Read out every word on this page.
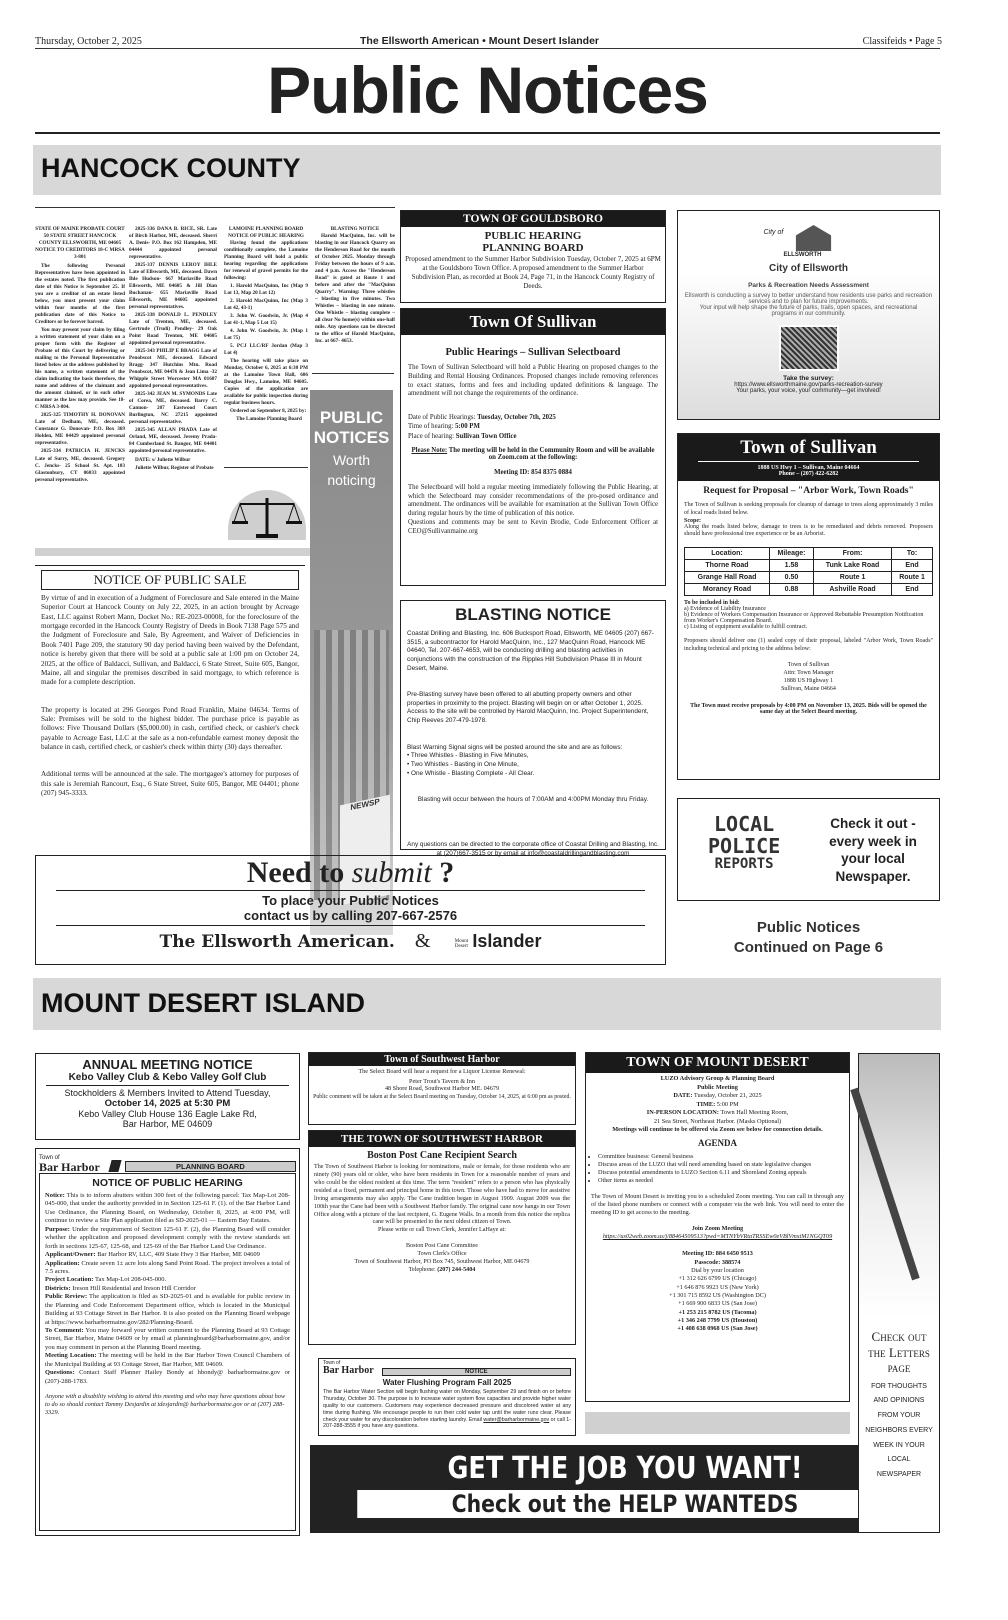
Thursday, October 2, 2025	The Ellsworth American • Mount Desert Islander	Classifeids • Page 5
Public Notices
HANCOCK COUNTY
STATE OF MAINE PROBATE COURT 50 STATE STREET HANCOCK COUNTY ELLSWORTH, ME 04605 NOTICE TO CREDITORS 18-C MRSA 3-801

The following Personal Representatives have been appointed in the estates noted. The first publication date of this Notice is September 25. If you are a creditor of an estate listed below, you must present your claim within four months of the first publication date of this Notice to Creditors or be forever barred.

You may present your claim by filing a written statement of your claim on a proper form with the Register of Probate of this Court by delivering or mailing to the Personal Representative listed below at the address published by his name, a written statement of the claim indicating the basis therefore, the name and address of the claimant and the amount claimed, or in such other manner as the law may provide. See 18-C MRSA 3-804.

2025-325 TIMOTHY H. DONOVAN Late of Dedham, ME, deceased. Constance G. Donovan- P.O. Box 369 Holden, ME 04429 appointed personal representative.

2025-334 PATRICIA H. JENCKS Late of Surry, ME, deceased. Gregory C. Jencks- 25 School St. Apt. 103 Glastonbury, CT 06033 appointed personal representative.

2025-336 DANA B. RICE, SR. Late of Birch Harbor, ME, deceased. Sherri A. Denis- P.O. Box 162 Hampden, ME 04444 appointed personal representative.

2025-337 DENNIS LEROY IHLE Late of Ellsworth, ME, deceased. Dawn Ihle Hudson- 667 Mariaville Road Ellsworth, ME 04605 & Jill Dian Buchanan- 655 Mariaville Road Ellsworth, ME 04605 appointed personal representatives.

2025-338 DONALD L. PENDLEY Late of Trenton, ME, deceased. Gertrude (Trudi) Pendley- 29 Oak Point Road Trenton, ME 04605 appointed personal representative.

2025-343 PHILIP E BRAGG Late of Penobscot ME, deceased. Edward Bragg- 347 Hutchins Mtn. Road Penobscot, ME 04476 & Jean Lima -32 Whipple Street Worcester MA 01607 appointed personal representatives.

2025-342 JEAN M. SYMONDS Late of Corea, ME, deceased. Barry C. Cannon- 207 Eastwood Court Burlington, NC 27215 appointed personal representative.

2025-345 ALLAN PRADA Late of Orland, ME, deceased. Jeremy Prada- 84 Cumberland St. Bangor, ME 04401 appointed personal representative.

DATE: s/ Juliette Wilbur

Juliette Wilbur, Register of Probate

LAMOINE PLANNING BOARD NOTICE OF PUBLIC HEARING

Having found the applications conditionally complete, the Lamoine Planning Board will hold a public hearing regarding the applications for renewal of gravel permits for the following:

1. Harold MacQuinn, Inc (Map 9 Lot 13, Map 20 Lot 12)

2. Harold MacQuinn, Inc (Map 3 Lot 42, 43-1)

3. John W. Goodwin, Jr. (Map 4 Lot 41-1, Map 5 Lot 15)

4. John W. Goodwin, Jr. (Map 1 Lot 75)

5. PCJ LLC/RF Jordan (Map 3 Lot 4)

The hearing will take place on Monday, October 6, 2025 at 6:30 PM at the Lamoine Town Hall, 606 Douglas Hwy., Lamoine, ME 04605. Copies of the application are available for public inspection during regular business hours.

Ordered on September 8, 2025 by:

The Lamoine Planning Board

BLASTING NOTICE

Harold MacQuinn, Inc. will be blasting in our Hancock Quarry on the Henderson Road for the month of October 2025. Monday through Friday between the hours of 9 a.m. and 4 p.m. Access the "Henderson Road" is gated at Route 1 and before and after the "MacQuinn Quarry". Warning: Three whistles – blasting in five minutes. Two Whistles – blasting in one minute. One Whistle – blasting complete – all clear No home(s) within one-half mile. Any questions can be directed to the office of Harold MacQuinn, Inc. at 667- 4653.

PUBLIC
NOTICES
Worth
noticing
NEWSP
NOTICE OF PUBLIC SALE

By virtue of and in execution of a Judgment of Foreclosure and Sale entered in the Maine Superior Court at Hancock County on July 22, 2025, in an action brought by Acreage East, LLC against Robert Mann, Docket No.: RE-2023-00008, for the foreclosure of the mortgage recorded in the Hancock County Registry of Deeds in Book 7138 Page 575 and the Judgment of Foreclosure and Sale, By Agreement, and Waiver of Deficiencies in Book 7401 Page 209, the statutory 90 day period having been waived by the Defendant, notice is hereby given that there will be sold at a public sale at 1:00 pm on October 24, 2025, at the office of Baldacci, Sullivan, and Baldacci, 6 State Street, Suite 605, Bangor, Maine, all and singular the premises described in said mortgage, to which reference is made for a complete description.

The property is located at 296 Georges Pond Road Franklin, Maine 04634. Terms of Sale: Premises will be sold to the highest bidder. The purchase price is payable as follows: Five Thousand Dollars ($5,000.00) in cash, certified check, or cashier's check payable to Acreage East, LLC at the sale as a non-refundable earnest money deposit the balance in cash, certified check, or cashier's check within thirty (30) days thereafter.

Additional terms will be announced at the sale. The mortgagee's attorney for purposes of this sale is Jeremiah Rancourt, Esq., 6 State Street, Suite 605, Bangor, ME 04401; phone (207) 945-3333.

TOWN OF GOULDSBORO
PUBLIC HEARING
PLANNING BOARD

Proposed amendment to the Summer Harbor Subdivision Tuesday, October 7, 2025 at 6PM at the Gouldsboro Town Office. A proposed amendment to the Summer Harbor Subdivision Plan, as recorded at Book 24, Page 71, in the Hancock County Registry of Deeds.

Town Of Sullivan
Public Hearings – Sullivan Selectboard

The Town of Sullivan Selectboard will hold a Public Hearing on proposed changes to the Building and Rental Housing Ordinances. Proposed changes include removing references to exact statues, forms and fees and including updated definitions & language. The amendment will not change the requirements of the ordinance.

Date of Public Hearings: Tuesday, October 7th, 2025
Time of hearing: 5:00 PM
Place of hearing: Sullivan Town Office
Please Note: The meeting will be held in the Community Room and will be available on Zoom.com at the following:
Meeting ID: 854 8375 0884

The Selectboard will hold a regular meeting immediately following the Public Hearing, at which the Selectboard may consider recommendations of the pro-posed ordinance and amendment. The ordinances will be available for examination at the Sullivan Town Office during regular hours by the time of publication of this notice.

Questions and comments may be sent to Kevin Brodie, Code Enforcement Officer at CEO@Sullivanmaine.org

BLASTING NOTICE

Coastal Drilling and Blasting, Inc. 606 Bucksport Road, Ellsworth, ME 04605 (207) 667-3515, a subcontractor for Harold MacQuinn, Inc., 127 MacQuinn Road, Hancock ME 04640, Tel. 207-667-4653, will be conducting drilling and blasting activities in conjunctions with the construction of the Ripples Hill Subdivision Phase III in Mount Desert, Maine.

Pre-Blasting survey have been offered to all abutting property owners and other properties in proximity to the project. Blasting will begin on or after October 1, 2025. Access to the site will be controlled by Harold MacQuinn, Inc. Project Superintendent, Chip Reeves 207-479-1978.

Blast Warning Signal signs will be posted around the site and are as follows:

• Three Whistles - Blasting in Five Minutes,
• Two Whistles - Basting in One Minute,
• One Whistle - Blasting Complete - All Clear.

Blasting will occur between the hours of 7:00AM and 4:00PM Monday thru Friday.

Any questions can be directed to the corporate office of Coastal Drilling and Blasting, Inc. at (207)667-3515 or by email at info@coastaldrillingandblasting.com

City of
ELLSWORTH
City of Ellsworth
Parks & Recreation Needs Assessment

Ellsworth is conducting a survey to better understand how residents use parks and recreation services and to plan for future improvements.

Your input will help shape the future of parks, trails, open spaces, and recreational programs in our community.

Take the survey:
https://www.ellsworthmaine.gov/parks-recreation-survey
Your parks, your voice, your community—get involved!
Town of Sullivan
1888 US Hwy 1 – Sullivan, Maine 04664
Phone – (207) 422-6282
Request for Proposal – "Arbor Work, Town Roads"

The Town of Sullivan is seeking proposals for cleanup of damage to trees along approximately 3 miles of local roads listed below.

Scope:

Along the roads listed below, damage to trees is to be remediated and debris removed. Proposers should have professional tree experience or be an Arborist.

Location:	Mileage:	From:	To:
Thorne Road	1.58	Tunk Lake Road	End
Grange Hall Road	0.50	Route 1	Route 1
Morancy Road	0.88	Ashville Road	End
To be included in bid:
a) Evidence of Liability Insurance
b) Evidence of Workers Compensation Insurance or Approved Rebuttable Presumption Notification from Worker's Compensation Board.
c) Listing of equipment available to fulfill contract.

Proposers should deliver one (1) sealed copy of their proposal, labeled "Arbor Work, Town Roads" including technical and pricing to the address below:

Town of Sullivan
Attn: Town Manager
1888 US Highway 1
Sullivan, Maine 04664

The Town must receive proposals by 4:00 PM on November 13, 2025. Bids will be opened the same day at the Select Board meeting.

LOCAL
POLICE
REPORTS
Check it out - every week in your local Newspaper.
Public Notices
Continued on Page 6
Need to submit ?
To place your Public Notices
contact us by calling 207-667-2576
The Ellsworth American. &	Mount Desert Islander
MOUNT DESERT ISLAND
ANNUAL MEETING NOTICE
Kebo Valley Club & Kebo Valley Golf Club
Stockholders & Members Invited to Attend Tuesday,
October 14, 2025 at 5:30 PM
Kebo Valley Club House 136 Eagle Lake Rd,
Bar Harbor, ME 04609
Town of
Bar Harbor	PLANNING BOARD
NOTICE OF PUBLIC HEARING

Notice: This is to inform abutters within 300 feet of the following parcel: Tax Map-Lot 208-045-000, that under the authority provided in in Section 125-61 F. (1). of the Bar Harbor Land Use Ordinance, the Planning Board, on Wednesday, October 8, 2025, at 4:00 PM, will continue to review a Site Plan application filed as SD-2025-01 — Eastern Bay Estates.

Purpose: Under the requirement of Section 125-61 F. (2), the Planning Board will consider whether the application and proposed development comply with the review standards set forth in sections 125-67, 125-68, and 125-69 of the Bar Harbor Land Use Ordinance.

Applicant/Owner: Bar Harbor RV, LLC, 409 State Hwy 3 Bar Harbor, ME 04609

Application: Create seven 1± acre lots along Sand Point Road. The project involves a total of 7.5 acres.

Project Location: Tax Map-Lot 208-045-000.

Districts: Ireson Hill Residential and Ireson Hill Corridor

Public Review: The application is filed as SD-2025-01 and is available for public review in the Planning and Code Enforcement Department office, which is located in the Municipal Building at 93 Cottage Street in Bar Harbor. It is also posted on the Planning Board webpage at https://www.barharbormaine.gov/282/Planning-Board.

To Comment: You may forward your written comment to the Planning Board at 93 Cottage Street, Bar Harbor, Maine 04609 or by email at planningboard@barharbormaine.gov, and/or you may comment in person at the Planning Board meeting.

Meeting Location: The meeting will be held in the Bar Harbor Town Council Chambers of the Municipal Building at 93 Cottage Street, Bar Harbor, ME 04609.

Questions: Contact Staff Planner Hailey Bondy at hbondy@ barharbormaine.gov or (207)-288-1783.

Anyone with a disability wishing to attend this meeting and who may have questions about how to do so should contact Tammy Desjardin at tdesjardin@ barharbormaine.gov or at (207) 288-3329.

Town of Southwest Harbor
The Select Board will hear a request for a Liquor License Renewal:
Peter Trout's Tavern & Inn
48 Shore Road, Southwest Harbor ME. 04679
Public comment will be taken at the Select Board meeting on Tuesday, October 14, 2025, at 6:00 pm as posted.
THE TOWN OF SOUTHWEST HARBOR
Boston Post Cane Recipient Search

The Town of Southwest Harbor is looking for nominations, male or female, for those residents who are ninety (90) years old or older, who have been residents in Town for a reasonable number of years and who could be the oldest resident at this time. The term "resident" refers to a person who has physically resided at a fixed, permanent and principal home in this town. Those who have had to move for assistive living arrangements may also apply. The Cane tradition began in August 1909. August 2009 was the 100th year the Cane had been with a Southwest Harbor family. The original cane now hangs in our Town Office along with a picture of the last recipient, G. Eugene Walls. In a month from this notice the replica cane will be presented to the next oldest citizen of Town.

Please write or call Town Clerk, Jennifer LaHaye at:

Boston Post Cane Committee
Town Clerk's Office
Town of Southwest Harbor, PO Box 745, Southwest Harbor, ME 04679
Telephone: (207) 244-5404
Town of
Bar Harbor	NOTICE
Water Flushing Program Fall 2025

The Bar Harbor Water Section will begin flushing water on Monday, September 29 and finish on or before Thursday, October 30. The purpose is to increase water system flow capacities and provide higher water quality to our customers. Customers may experience decreased pressure and discolored water at any time during flushing. We encourage people to run their cold water tap until the water runs clear. Please check your water for any discoloration before starting laundry. Email water@barharbormaine.gov or call 1-207-288-3555 if you have any questions.

TOWN OF MOUNT DESERT
LUZO Advisory Group & Planning Board
Public Meeting
DATE: Tuesday, October 21, 2025
TIME: 5:00 PM
IN-PERSON LOCATION: Town Hall Meeting Room,
21 Sea Street, Northeast Harbor. (Masks Optional)
Meetings will continue to be offered via Zoom see below for connection details.
AGENDA
• Committee business: General business
• Discuss areas of the LUZO that will need amending based on state legislative changes
• Discuss potential amendments to LUZO Section 6.11 and Shoreland Zoning appeals
• Other items as needed

The Town of Mount Desert is inviting you to a scheduled Zoom meeting. You can call in through any of the listed phone numbers or connect with a computer via the web link. You will need to enter the meeting ID to get access to the meeting.

Join Zoom Meeting
https://us02web.zoom.us/j/88464509513?pwd=MTNYbVRtaTRSSEw0eVBlVmxtM1NGQT09

Meeting ID: 884 6450 9513
Passcode: 388574
Dial by your location
+1 312 626 6799 US (Chicago)
+1 646 876 9923 US (New York)
+1 301 715 8592 US (Washington DC)
+1 669 900 6833 US (San Jose)
+1 253 215 8782 US (Tacoma)
+1 346 248 7799 US (Houston)
+1 408 638 0968 US (San Jose)
GET THE JOB YOU WANT!
Check out the HELP WANTEDS
Check out
the Letters
page
FOR THOUGHTS AND OPINIONS FROM YOUR NEIGHBORS EVERY WEEK IN YOUR LOCAL NEWSPAPER
